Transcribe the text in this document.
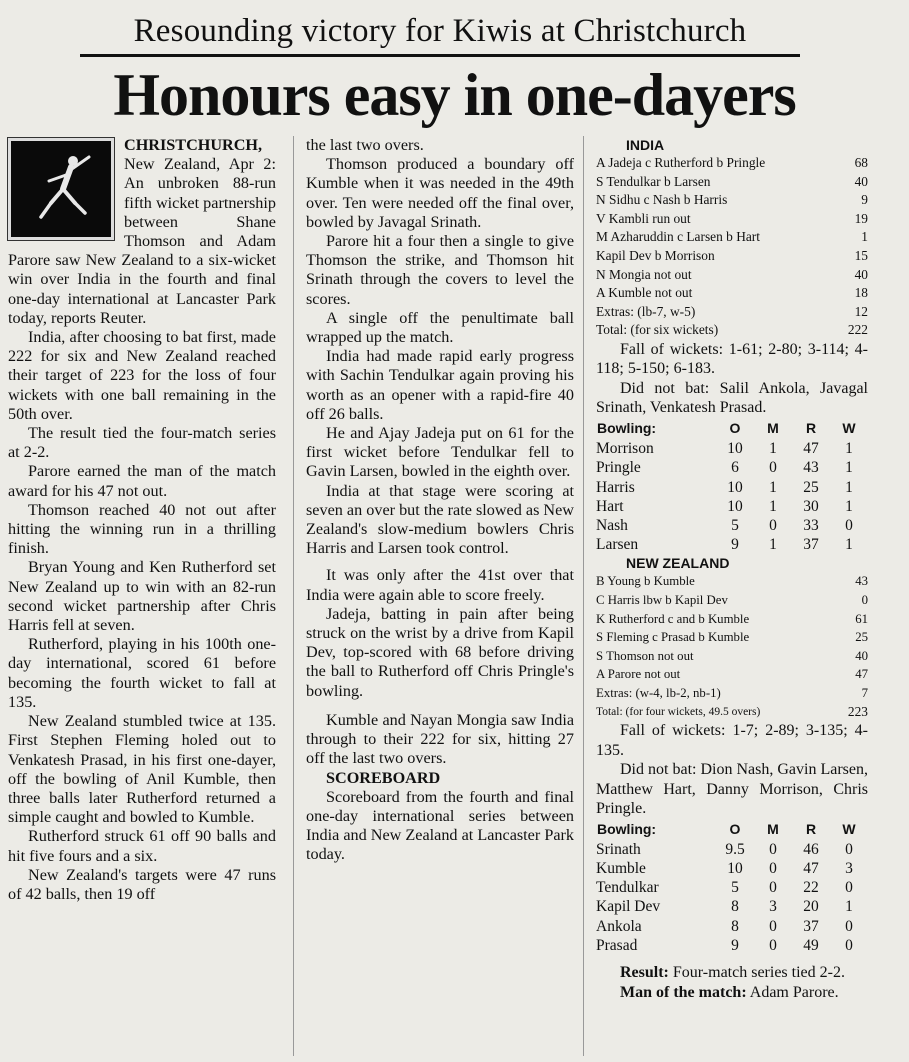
Resounding victory for Kiwis at Christchurch
Honours easy in one-dayers

CHRISTCHURCH, New Zealand, Apr 2: An unbroken 88-run fifth wicket partnership between Shane Thomson and Adam Parore saw New Zealand to a six-wicket win over India in the fourth and final one-day international at Lancaster Park today, reports Reuter.

India, after choosing to bat first, made 222 for six and New Zealand reached their target of 223 for the loss of four wickets with one ball remaining in the 50th over.

The result tied the four-match series at 2-2.

Parore earned the man of the match award for his 47 not out.

Thomson reached 40 not out after hitting the winning run in a thrilling finish.

Bryan Young and Ken Rutherford set New Zealand up to win with an 82-run second wicket partnership after Chris Harris fell at seven.

Rutherford, playing in his 100th one-day international, scored 61 before becoming the fourth wicket to fall at 135.

New Zealand stumbled twice at 135. First Stephen Fleming holed out to Venkatesh Prasad, in his first one-dayer, off the bowling of Anil Kumble, then three balls later Rutherford returned a simple caught and bowled to Kumble.

Rutherford struck 61 off 90 balls and hit five fours and a six.

New Zealand's targets were 47 runs of 42 balls, then 19 off

the last two overs.

Thomson produced a boundary off Kumble when it was needed in the 49th over. Ten were needed off the final over, bowled by Javagal Srinath.

Parore hit a four then a single to give Thomson the strike, and Thomson hit Srinath through the covers to level the scores.

A single off the penultimate ball wrapped up the match.

India had made rapid early progress with Sachin Tendulkar again proving his worth as an opener with a rapid-fire 40 off 26 balls.

He and Ajay Jadeja put on 61 for the first wicket before Tendulkar fell to Gavin Larsen, bowled in the eighth over.

India at that stage were scoring at seven an over but the rate slowed as New Zealand's slow-medium bowlers Chris Harris and Larsen took control.

It was only after the 41st over that India were again able to score freely.

Jadeja, batting in pain after being struck on the wrist by a drive from Kapil Dev, top-scored with 68 before driving the ball to Rutherford off Chris Pringle's bowling.

Kumble and Nayan Mongia saw India through to their 222 for six, hitting 27 off the last two overs.

SCOREBOARD

Scoreboard from the fourth and final one-day international series between India and New Zealand at Lancaster Park today.

INDIA
A Jadeja c Rutherford b Pringle	68
S Tendulkar b Larsen	40
N Sidhu c Nash b Harris	9
V Kambli run out	19
M Azharuddin c Larsen b Hart	1
Kapil Dev b Morrison	15
N Mongia not out	40
A Kumble not out	18
Extras: (lb-7, w-5)	12
Total: (for six wickets)	222
Fall of wickets: 1-61; 2-80; 3-114; 4-118; 5-150; 6-183.
Did not bat: Salil Ankola, Javagal Srinath, Venkatesh Prasad.
Bowling:	O	M	R	W
Morrison	10	1	47	1
Pringle	6	0	43	1
Harris	10	1	25	1
Hart	10	1	30	1
Nash	5	0	33	0
Larsen	9	1	37	1
NEW ZEALAND
B Young b Kumble	43
C Harris lbw b Kapil Dev	0
K Rutherford c and b Kumble	61
S Fleming c Prasad b Kumble	25
S Thomson not out	40
A Parore not out	47
Extras: (w-4, lb-2, nb-1)	7
Total: (for four wickets, 49.5 overs)	223
Fall of wickets: 1-7; 2-89; 3-135; 4-135.
Did not bat: Dion Nash, Gavin Larsen, Matthew Hart, Danny Morrison, Chris Pringle.
Bowling:	O	M	R	W
Srinath	9.5	0	46	0
Kumble	10	0	47	3
Tendulkar	5	0	22	0
Kapil Dev	8	3	20	1
Ankola	8	0	37	0
Prasad	9	0	49	0
Result: Four-match series tied 2-2.
Man of the match: Adam Parore.
